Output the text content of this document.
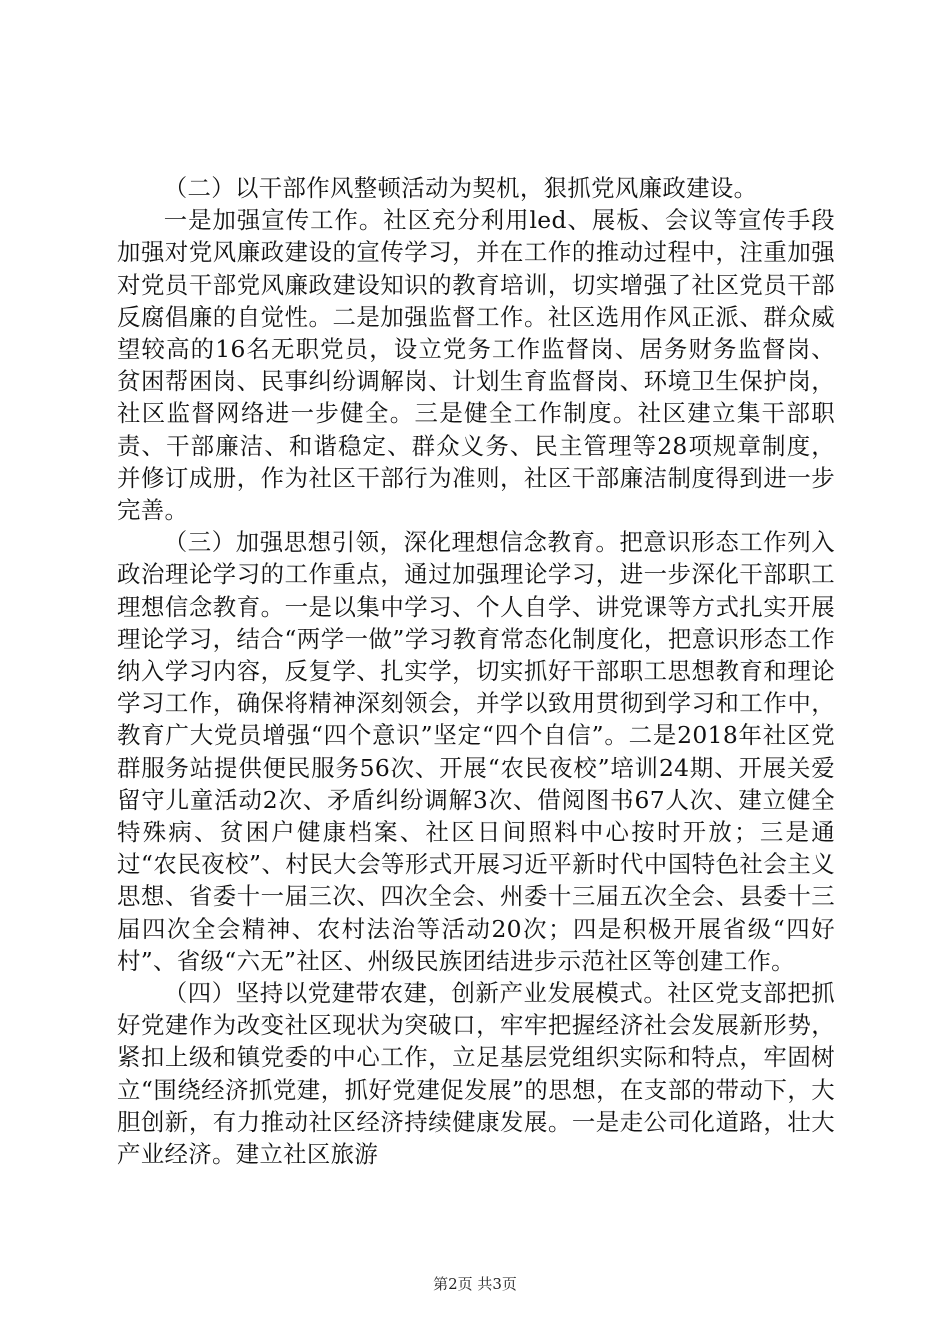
（二）以干部作风整顿活动为契机，狠抓党风廉政建设。

一是加强宣传工作。社区充分利用led、展板、会议等宣传手段加强对党风廉政建设的宣传学习，并在工作的推动过程中，注重加强对党员干部党风廉政建设知识的教育培训，切实增强了社区党员干部反腐倡廉的自觉性。二是加强监督工作。社区选用作风正派、群众威望较高的16名无职党员，设立党务工作监督岗、居务财务监督岗、贫困帮困岗、民事纠纷调解岗、计划生育监督岗、环境卫生保护岗，社区监督网络进一步健全。三是健全工作制度。社区建立集干部职责、干部廉洁、和谐稳定、群众义务、民主管理等28项规章制度，并修订成册，作为社区干部行为准则，社区干部廉洁制度得到进一步完善。

（三）加强思想引领，深化理想信念教育。把意识形态工作列入政治理论学习的工作重点，通过加强理论学习，进一步深化干部职工理想信念教育。一是以集中学习、个人自学、讲党课等方式扎实开展理论学习，结合“两学一做”学习教育常态化制度化，把意识形态工作纳入学习内容，反复学、扎实学，切实抓好干部职工思想教育和理论学习工作，确保将精神深刻领会，并学以致用贯彻到学习和工作中，教育广大党员增强“四个意识”坚定“四个自信”。二是2018年社区党群服务站提供便民服务56次、开展“农民夜校”培训24期、开展关爱留守儿童活动2次、矛盾纠纷调解3次、借阅图书67人次、建立健全特殊病、贫困户健康档案、社区日间照料中心按时开放；三是通过“农民夜校”、村民大会等形式开展习近平新时代中国特色社会主义思想、省委十一届三次、四次全会、州委十三届五次全会、县委十三届四次全会精神、农村法治等活动20次；四是积极开展省级“四好村”、省级“六无”社区、州级民族团结进步示范社区等创建工作。

（四）坚持以党建带农建，创新产业发展模式。社区党支部把抓好党建作为改变社区现状为突破口，牢牢把握经济社会发展新形势，紧扣上级和镇党委的中心工作，立足基层党组织实际和特点，牢固树立“围绕经济抓党建，抓好党建促发展”的思想，在支部的带动下，大胆创新，有力推动社区经济持续健康发展。一是走公司化道路，壮大产业经济。建立社区旅游

第2页 共3页
